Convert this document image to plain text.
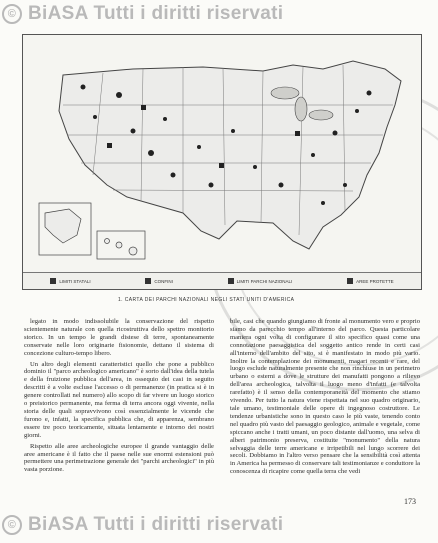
© BiASA Tutti i diritti riservati
LIMITI STATALI	CONFINI	LIMITI PARCHI NAZIONALI	AREE PROTETTE
1. CARTA DEI PARCHI NAZIONALI NEGLI STATI UNITI D'AMERICA

legato in modo indissolubile la conservazione del rispetto scientemente naturale con quella ricostruttiva dello spettro monitorio storico. In un tempo le grandi distese di terre, spontaneamente conservate nelle loro originarie fisionomie, dettano il sistema di concezione culturo-tempo libero.

Un altro degli elementi caratteristici quello che pone a pubblico dominio il "parco archeologico americano" è sorto dall'idea della tutela e della fruizione pubblica dell'area, in ossequio dei casi in seguito descritti è a volte escluse l'accesso o di permanenze (in pratica si è in genere controllati nel numero) allo scopo di far vivere un luogo storico o preistorico permanente, ma ferma di terra ancora oggi vivente, nella storia delle quali sopravvivono così essenzialmente le vicende che furono e, infatti, la specifica pubblica che, di apparenza, sembrano essere tre poco teoricamente, situata lentamente e intorno dei nostri giorni.

Rispetto alle aree archeologiche europee il grande vantaggio delle aree americane è il fatto che il paese nelle sue enormi estensioni può permettere una perimetrazione generale dei "parchi archeologici" in più vasta porzione.

bile, casi che quando giungiamo di fronte al monumento vero e proprio siamo da parecchio tempo all'interno del parco. Questa particolare maniera ogni volta di configurare il sito specifico quasi come una connotazione paesaggistica del soggetto antico rende in certi casi all'interno dell'ambito del sito, si è manifestato in modo più vario. Inoltre la contemplazione dei monumenti, magari recenti e rare, del luogo esclude naturalmente presente che non rinchiuse in un perimetro urbano o esterni a dove le strutture dei manufatti pongono a rilievo dell'area archeologica, talvolta il luogo meno d'infatti (e talvolta rarefatto) è il senso della contemporaneità del momento che stiamo vivendo. Per tutto la natura viene rispettata nel suo quadro originario, tale umano, testimoniale delle opere di ingegnoso costruttore. Le tendenze urbanistiche sono in questo caso le più vaste, tenendo conto nel quadro più vasto del paesaggio geologico, animale e vegetale, come spiccano anche i tratti umani, un poco distante dall'uomo, una selva di alberi patrimonio preserva, costituite "monumento" della natura selvaggia delle terre americane e irripetibili nel lungo scorrere dei secoli. Dobbiamo in l'altro verso pensare che la sensibilità così attenta in America ha permesso di conservare tali testimonianze e conduttore la conoscenza di ricapire come quella terra che vedi

173
© BiASA Tutti i diritti riservati
